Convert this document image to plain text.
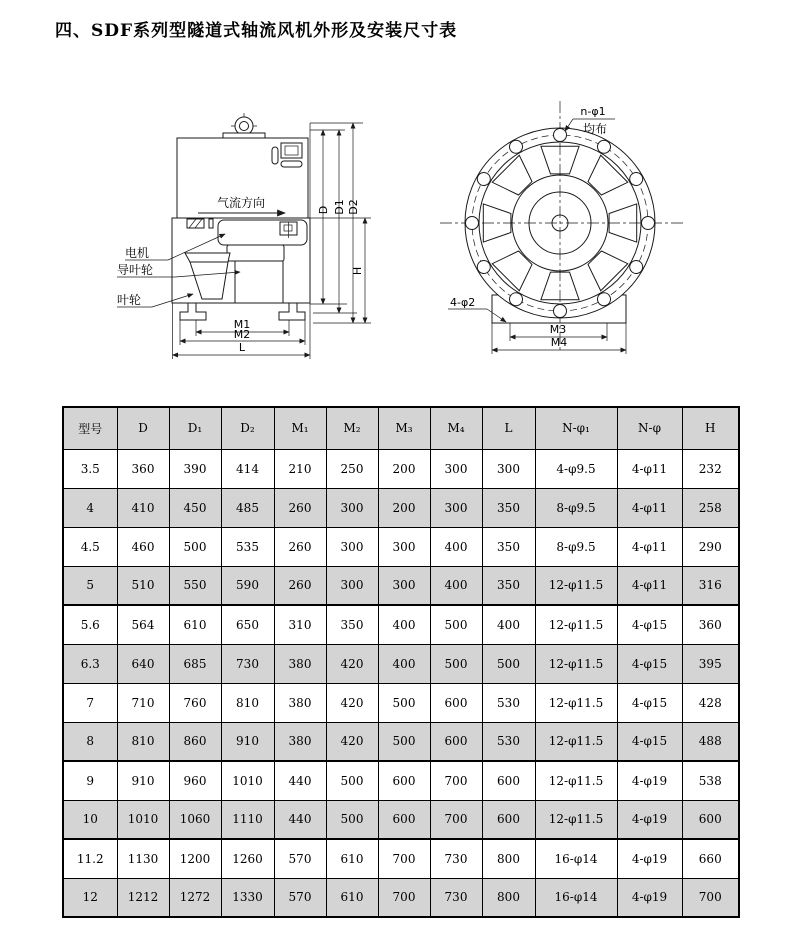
四、SDF系列型隧道式轴流风机外形及安装尺寸表
气流方向
电机
导叶轮
叶轮
M1
M2
L
D D1 D2
H
n-φ1
均布
4-φ2
M3
M4
型号	D	D₁	D₂	M₁	M₂	M₃	M₄	L	N-φ₁	N-φ	H
3.5	360	390	414	210	250	200	300	300	4-φ9.5	4-φ11	232
4	410	450	485	260	300	200	300	350	8-φ9.5	4-φ11	258
4.5	460	500	535	260	300	300	400	350	8-φ9.5	4-φ11	290
5	510	550	590	260	300	300	400	350	12-φ11.5	4-φ11	316
5.6	564	610	650	310	350	400	500	400	12-φ11.5	4-φ15	360
6.3	640	685	730	380	420	400	500	500	12-φ11.5	4-φ15	395
7	710	760	810	380	420	500	600	530	12-φ11.5	4-φ15	428
8	810	860	910	380	420	500	600	530	12-φ11.5	4-φ15	488
9	910	960	1010	440	500	600	700	600	12-φ11.5	4-φ19	538
10	1010	1060	1110	440	500	600	700	600	12-φ11.5	4-φ19	600
11.2	1130	1200	1260	570	610	700	730	800	16-φ14	4-φ19	660
12	1212	1272	1330	570	610	700	730	800	16-φ14	4-φ19	700
